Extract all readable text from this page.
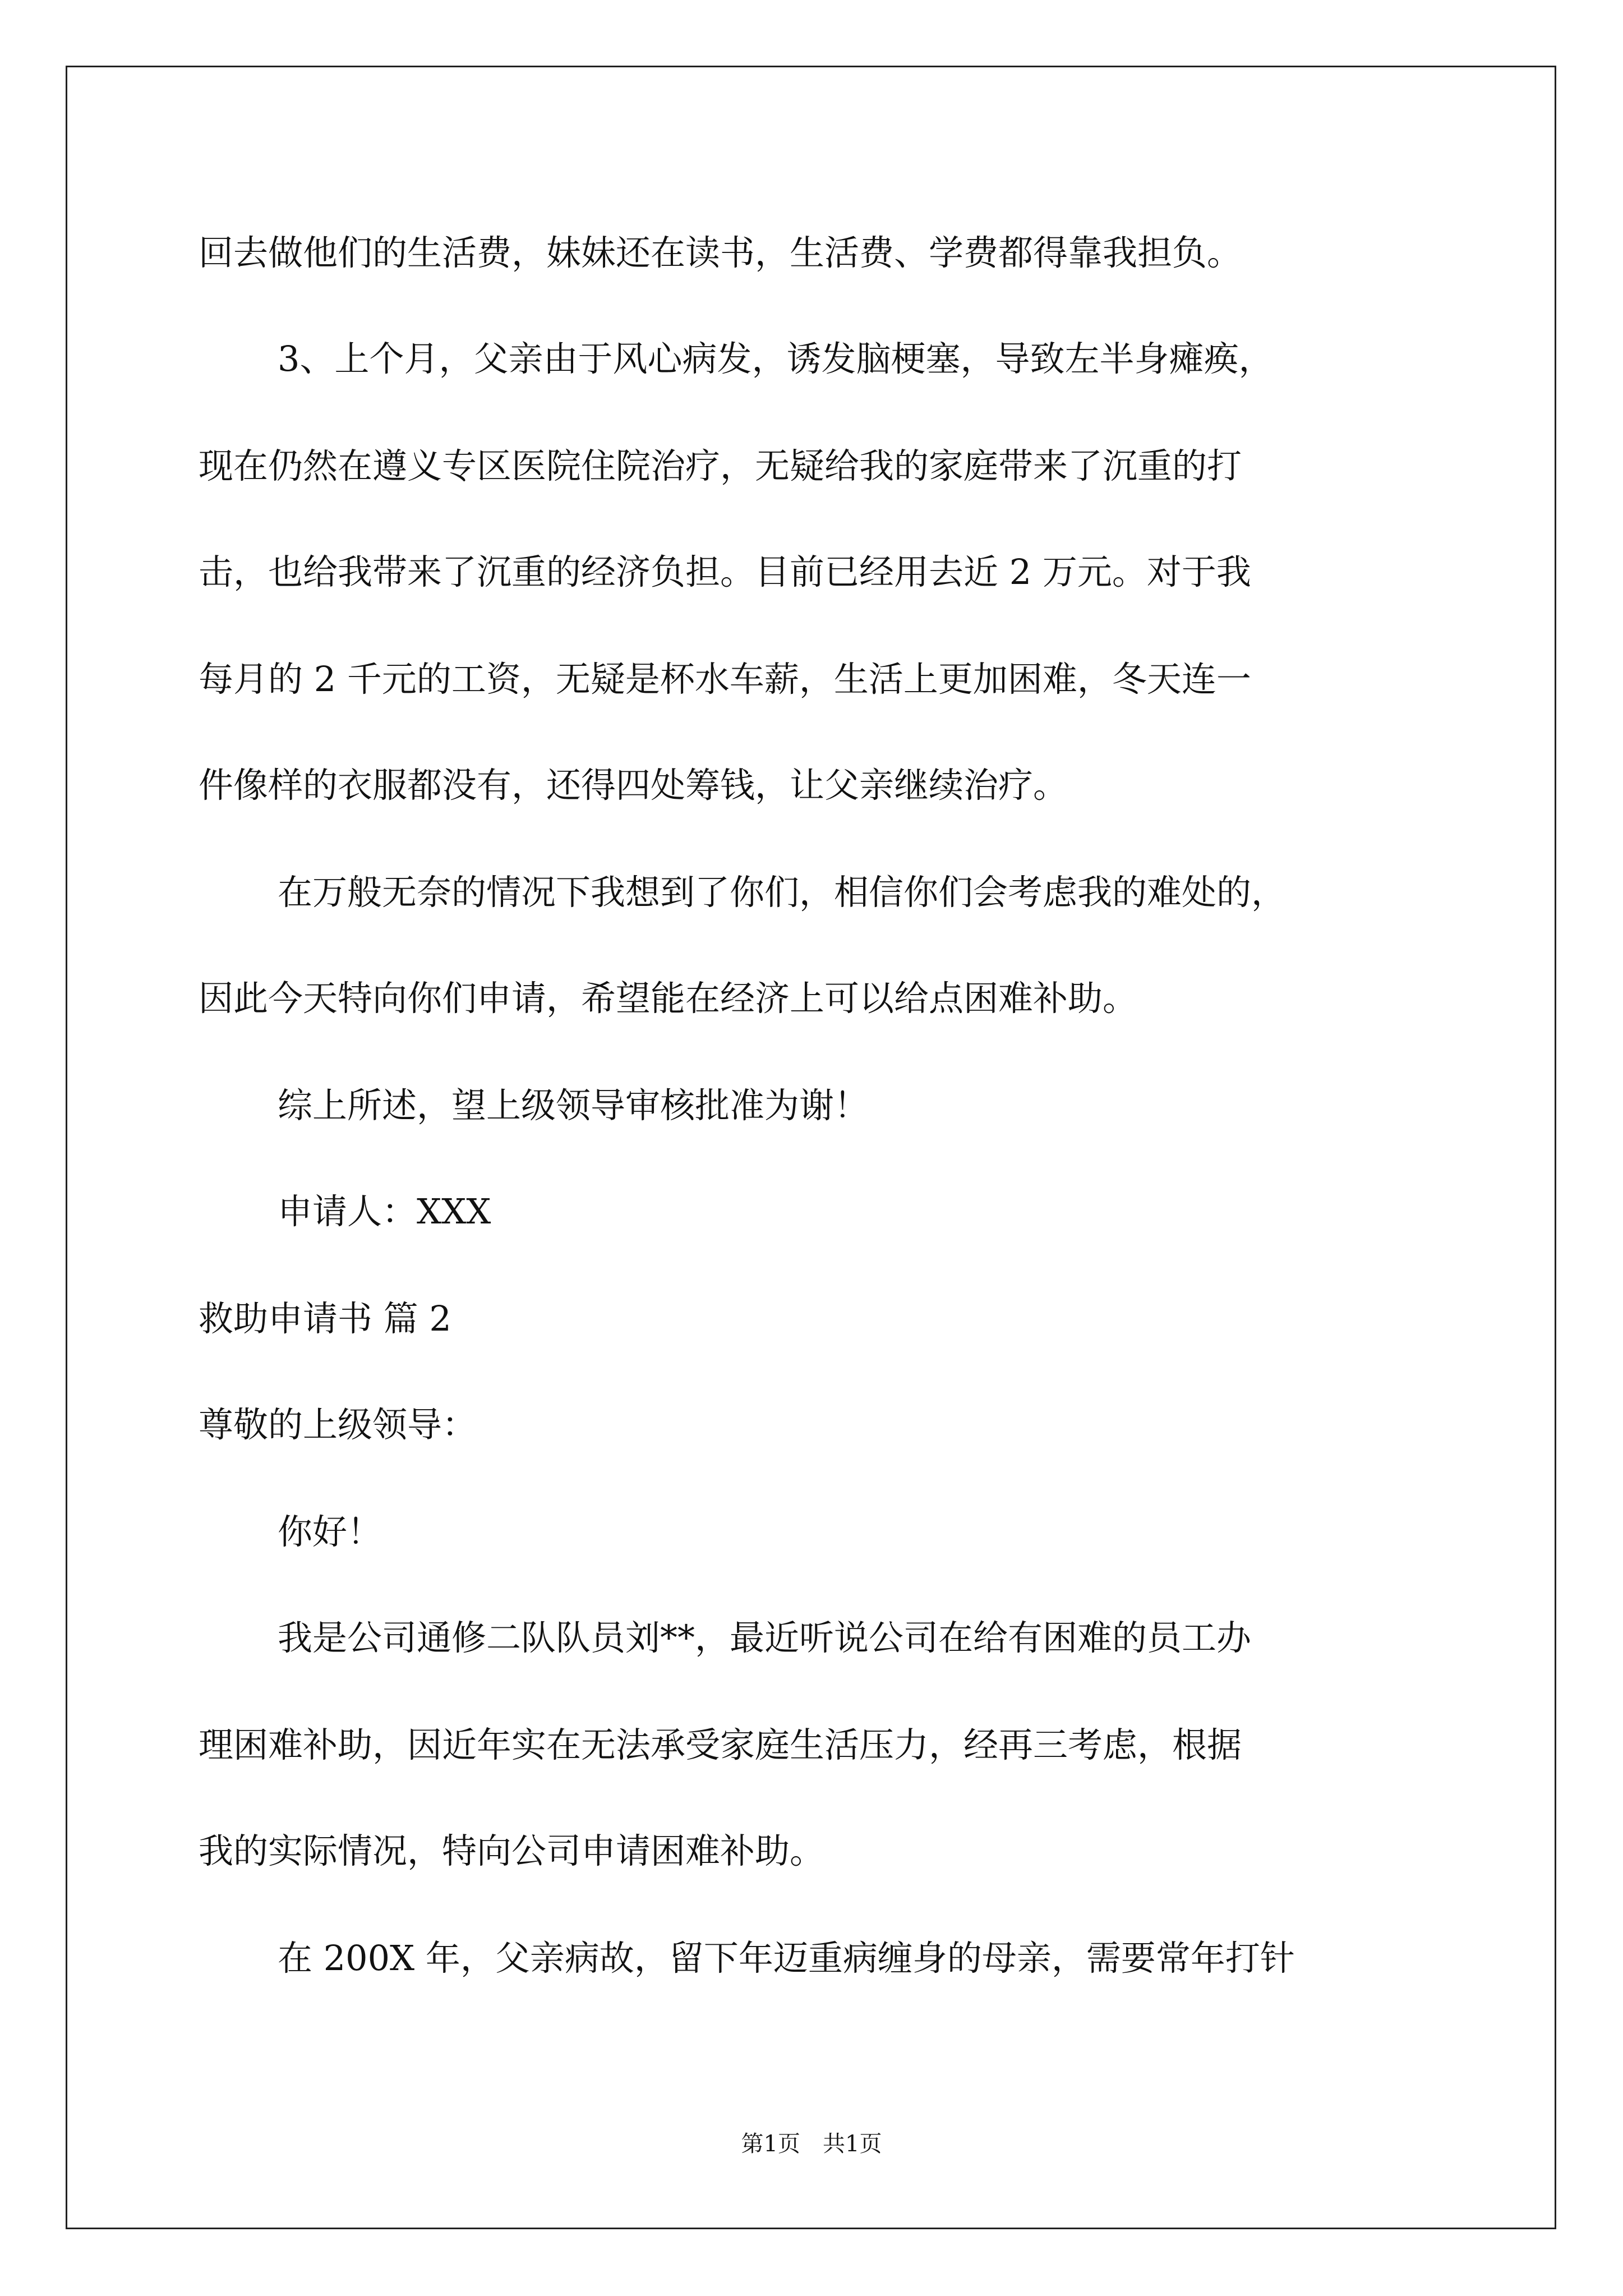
回去做他们的生活费，妹妹还在读书，生活费、学费都得靠我担负。
3、上个月，父亲由于风心病发，诱发脑梗塞，导致左半身瘫痪，
现在仍然在遵义专区医院住院治疗，无疑给我的家庭带来了沉重的打
击，也给我带来了沉重的经济负担。目前已经用去近 2 万元。对于我
每月的 2 千元的工资，无疑是杯水车薪，生活上更加困难，冬天连一
件像样的衣服都没有，还得四处筹钱，让父亲继续治疗。
在万般无奈的情况下我想到了你们，相信你们会考虑我的难处的，
因此今天特向你们申请，希望能在经济上可以给点困难补助。
综上所述，望上级领导审核批准为谢！
申请人：XXX
救助申请书 篇 2
尊敬的上级领导：
你好！
我是公司通修二队队员刘**，最近听说公司在给有困难的员工办
理困难补助，因近年实在无法承受家庭生活压力，经再三考虑，根据
我的实际情况，特向公司申请困难补助。
在 200X 年，父亲病故，留下年迈重病缠身的母亲，需要常年打针
第1页　共1页
